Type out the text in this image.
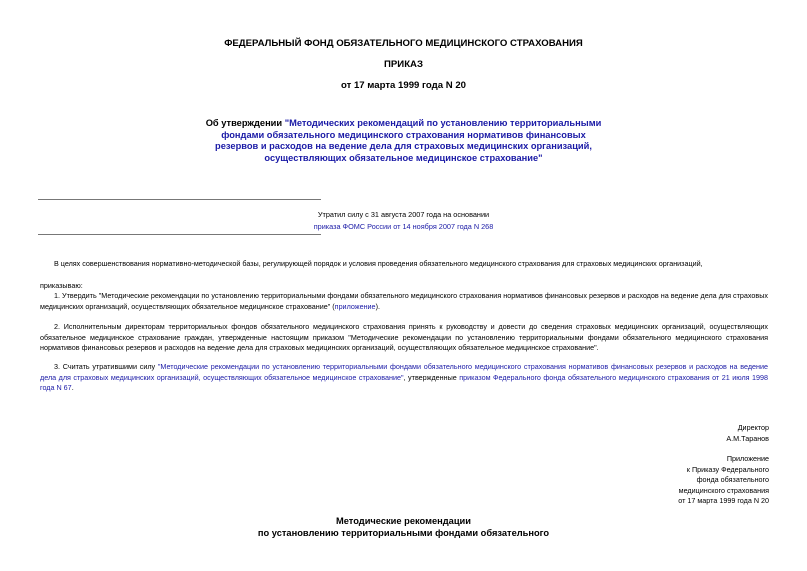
ФЕДЕРАЛЬНЫЙ ФОНД ОБЯЗАТЕЛЬНОГО МЕДИЦИНСКОГО СТРАХОВАНИЯ
ПРИКАЗ
от 17 марта 1999 года N 20
Об утверждении "Методических рекомендаций по установлению территориальными фондами обязательного медицинского страхования нормативов финансовых резервов и расходов на ведение дела для страховых медицинских организаций, осуществляющих обязательное медицинское страхование"
Утратил силу с 31 августа 2007 года на основании
приказа ФОМС России от 14 ноября 2007 года N 268
В целях совершенствования нормативно-методической базы, регулирующей порядок и условия проведения обязательного медицинского страхования для страховых медицинских организаций,
приказываю:
1. Утвердить "Методические рекомендации по установлению территориальными фондами обязательного медицинского страхования нормативов финансовых резервов и расходов на ведение дела для страховых медицинских организаций, осуществляющих обязательное медицинское страхование" (приложение).
2. Исполнительным директорам территориальных фондов обязательного медицинского страхования принять к руководству и довести до сведения страховых медицинских организаций, осуществляющих обязательное медицинское страхование граждан, утвержденные настоящим приказом "Методические рекомендации по установлению территориальными фондами обязательного медицинского страхования нормативов финансовых резервов и расходов на ведение дела для страховых медицинских организаций, осуществляющих обязательное медицинское страхование".
3. Считать утратившими силу "Методические рекомендации по установлению территориальными фондами обязательного медицинского страхования нормативов финансовых резервов и расходов на ведение дела для страховых медицинских организаций, осуществляющих обязательное медицинское страхование", утвержденные приказом Федерального фонда обязательного медицинского страхования от 21 июля 1998 года N 67.
Директор
А.М.Таранов
Приложение
к Приказу Федерального
фонда обязательного
медицинского страхования
от 17 марта 1999 года N 20
Методические рекомендации
по установлению территориальными фондами обязательного
